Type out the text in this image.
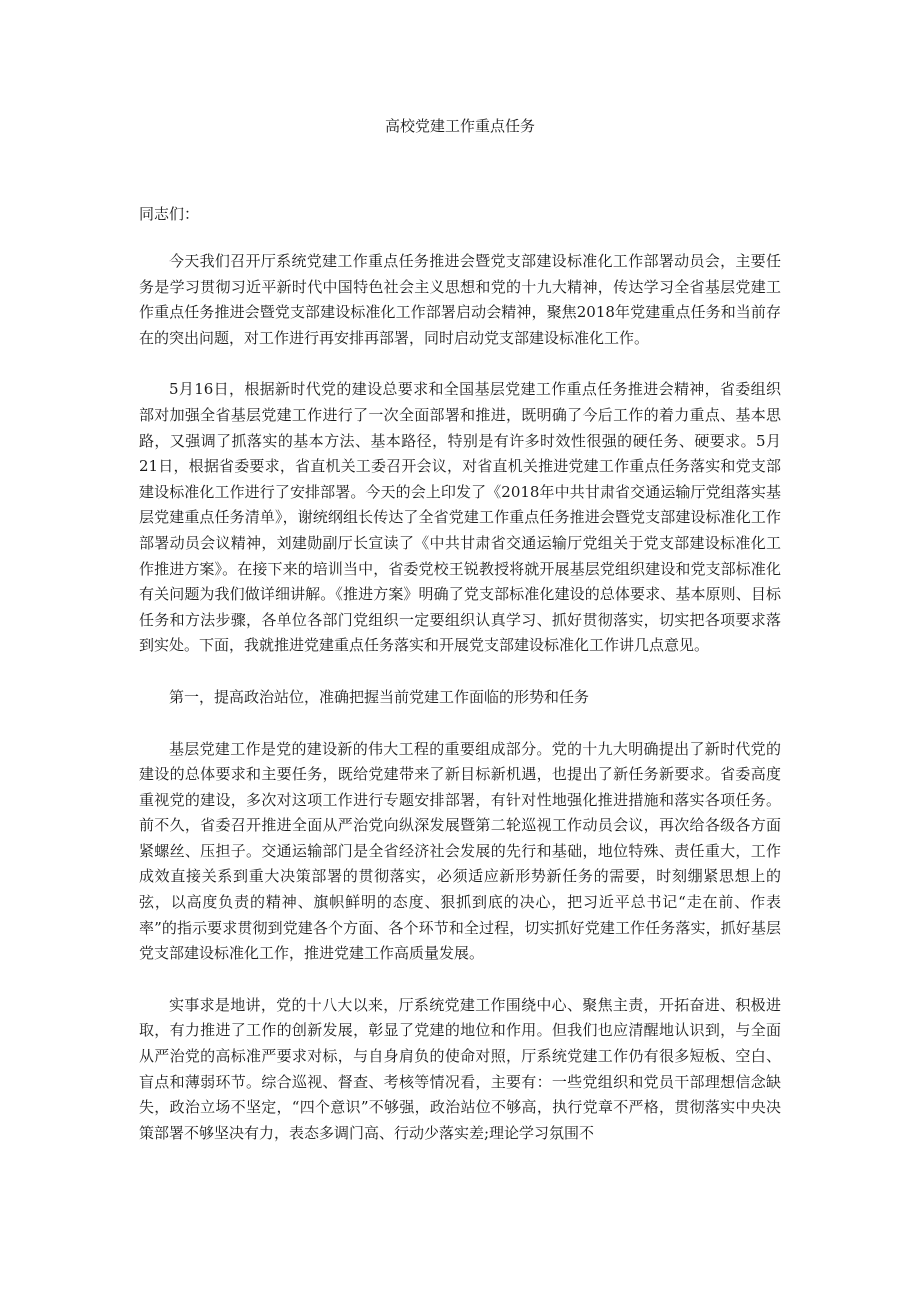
高校党建工作重点任务
同志们：

今天我们召开厅系统党建工作重点任务推进会暨党支部建设标准化工作部署动员会，主要任务是学习贯彻习近平新时代中国特色社会主义思想和党的十九大精神，传达学习全省基层党建工作重点任务推进会暨党支部建设标准化工作部署启动会精神，聚焦2018年党建重点任务和当前存在的突出问题，对工作进行再安排再部署，同时启动党支部建设标准化工作。

5月16日，根据新时代党的建设总要求和全国基层党建工作重点任务推进会精神，省委组织部对加强全省基层党建工作进行了一次全面部署和推进，既明确了今后工作的着力重点、基本思路，又强调了抓落实的基本方法、基本路径，特别是有许多时效性很强的硬任务、硬要求。5月21日，根据省委要求，省直机关工委召开会议，对省直机关推进党建工作重点任务落实和党支部建设标准化工作进行了安排部署。今天的会上印发了《2018年中共甘肃省交通运输厅党组落实基层党建重点任务清单》，谢统纲组长传达了全省党建工作重点任务推进会暨党支部建设标准化工作部署动员会议精神，刘建勋副厅长宣读了《中共甘肃省交通运输厅党组关于党支部建设标准化工作推进方案》。在接下来的培训当中，省委党校王锐教授将就开展基层党组织建设和党支部标准化有关问题为我们做详细讲解。《推进方案》明确了党支部标准化建设的总体要求、基本原则、目标任务和方法步骤，各单位各部门党组织一定要组织认真学习、抓好贯彻落实，切实把各项要求落到实处。下面，我就推进党建重点任务落实和开展党支部建设标准化工作讲几点意见。

第一，提高政治站位，准确把握当前党建工作面临的形势和任务

基层党建工作是党的建设新的伟大工程的重要组成部分。党的十九大明确提出了新时代党的建设的总体要求和主要任务，既给党建带来了新目标新机遇，也提出了新任务新要求。省委高度重视党的建设，多次对这项工作进行专题安排部署，有针对性地强化推进措施和落实各项任务。前不久，省委召开推进全面从严治党向纵深发展暨第二轮巡视工作动员会议，再次给各级各方面紧螺丝、压担子。交通运输部门是全省经济社会发展的先行和基础，地位特殊、责任重大，工作成效直接关系到重大决策部署的贯彻落实，必须适应新形势新任务的需要，时刻绷紧思想上的弦，以高度负责的精神、旗帜鲜明的态度、狠抓到底的决心，把习近平总书记“走在前、作表率”的指示要求贯彻到党建各个方面、各个环节和全过程，切实抓好党建工作任务落实，抓好基层党支部建设标准化工作，推进党建工作高质量发展。

实事求是地讲，党的十八大以来，厅系统党建工作围绕中心、聚焦主责，开拓奋进、积极进取，有力推进了工作的创新发展，彰显了党建的地位和作用。但我们也应清醒地认识到，与全面从严治党的高标准严要求对标，与自身肩负的使命对照，厅系统党建工作仍有很多短板、空白、盲点和薄弱环节。综合巡视、督查、考核等情况看，主要有：一些党组织和党员干部理想信念缺失，政治立场不坚定，“四个意识”不够强，政治站位不够高，执行党章不严格，贯彻落实中央决策部署不够坚决有力，表态多调门高、行动少落实差;理论学习氛围不
